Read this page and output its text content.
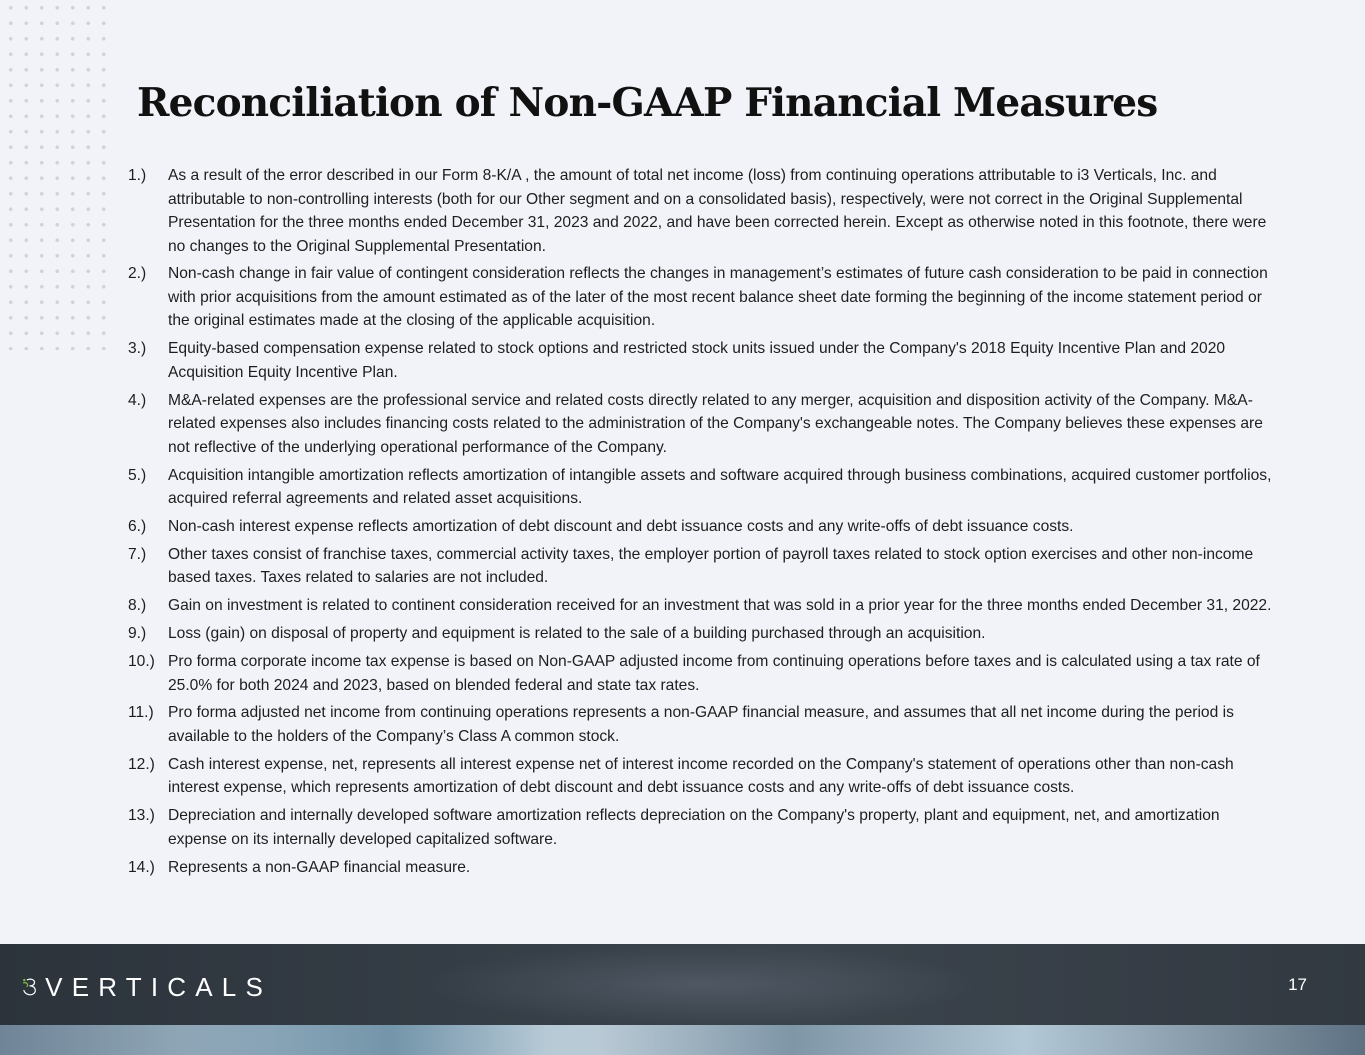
Reconciliation of Non-GAAP Financial Measures
1.)	As a result of the error described in our Form 8-K/A , the amount of total net income (loss) from continuing operations attributable to i3 Verticals, Inc. and attributable to non-controlling interests (both for our Other segment and on a consolidated basis), respectively, were not correct in the Original Supplemental Presentation for the three months ended December 31, 2023 and 2022, and have been corrected herein. Except as otherwise noted in this footnote, there were no changes to the Original Supplemental Presentation.
2.)	Non-cash change in fair value of contingent consideration reflects the changes in management’s estimates of future cash consideration to be paid in connection with prior acquisitions from the amount estimated as of the later of the most recent balance sheet date forming the beginning of the income statement period or the original estimates made at the closing of the applicable acquisition.
3.)	Equity-based compensation expense related to stock options and restricted stock units issued under the Company's 2018 Equity Incentive Plan and 2020 Acquisition Equity Incentive Plan.
4.)	M&A-related expenses are the professional service and related costs directly related to any merger, acquisition and disposition activity of the Company. M&A-related expenses also includes financing costs related to the administration of the Company's exchangeable notes. The Company believes these expenses are not reflective of the underlying operational performance of the Company.
5.)	Acquisition intangible amortization reflects amortization of intangible assets and software acquired through business combinations, acquired customer portfolios, acquired referral agreements and related asset acquisitions.
6.)	Non-cash interest expense reflects amortization of debt discount and debt issuance costs and any write-offs of debt issuance costs.
7.)	Other taxes consist of franchise taxes, commercial activity taxes, the employer portion of payroll taxes related to stock option exercises and other non-income based taxes. Taxes related to salaries are not included.
8.)	Gain on investment is related to continent consideration received for an investment that was sold in a prior year for the three months ended December 31, 2022.
9.)	Loss (gain) on disposal of property and equipment is related to the sale of a building purchased through an acquisition.
10.) Pro forma corporate income tax expense is based on Non-GAAP adjusted income from continuing operations before taxes and is calculated using a tax rate of 25.0% for both 2024 and 2023, based on blended federal and state tax rates.
11.) Pro forma adjusted net income from continuing operations represents a non-GAAP financial measure, and assumes that all net income during the period is available to the holders of the Company’s Class A common stock.
12.) Cash interest expense, net, represents all interest expense net of interest income recorded on the Company's statement of operations other than non-cash interest expense, which represents amortization of debt discount and debt issuance costs and any write-offs of debt issuance costs.
13.) Depreciation and internally developed software amortization reflects depreciation on the Company's property, plant and equipment, net, and amortization expense on its internally developed capitalized software.
14.) Represents a non-GAAP financial measure.
VERTICALS	17
